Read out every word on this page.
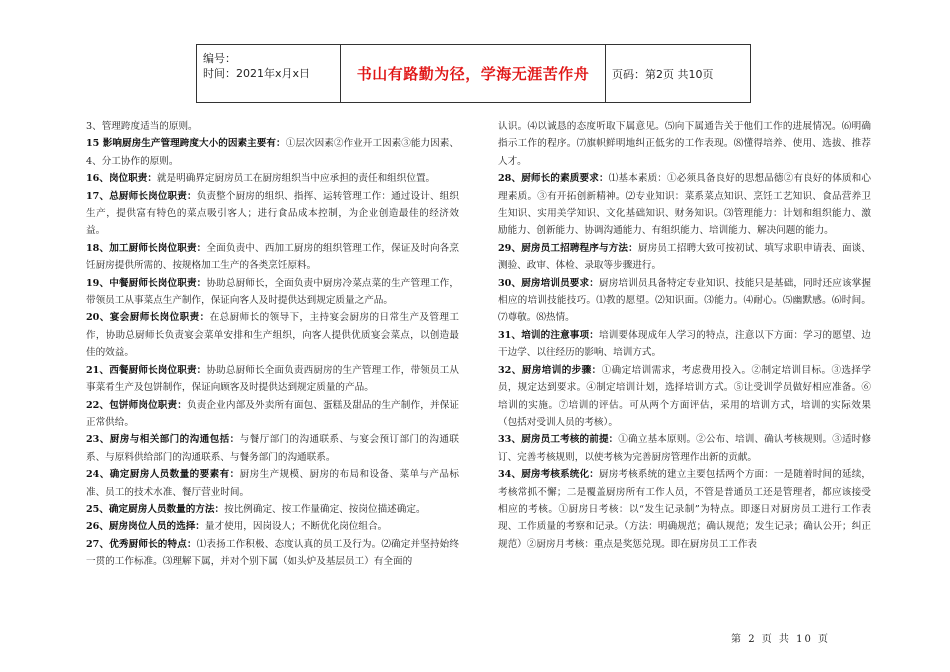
编号：
时间：2021年x月x日	书山有路勤为径，学海无涯苦作舟	页码：第2页 共10页

3、管理跨度适当的原则。

15 影响厨房生产管理跨度大小的因素主要有：①层次因素②作业开工因素③能力因素、4、分工协作的原则。

16、岗位职责：就是明确界定厨房员工在厨房组织当中应承担的责任和组织位置。

17、总厨师长岗位职责：负责整个厨房的组织、指挥、运转管理工作：通过设计、组织生产，提供富有特色的菜点吸引客人；进行食品成本控制，为企业创造最佳的经济效益。

18、加工厨师长岗位职责：全面负责中、西加工厨房的组织管理工作，保证及时向各烹饪厨房提供所需的、按规格加工生产的各类烹饪原料。

19、中餐厨师长岗位职责：协助总厨师长，全面负责中厨房冷菜点菜的生产管理工作，带领员工从事菜点生产制作，保证向客人及时提供达到规定质量之产品。

20、宴会厨师长岗位职责：在总厨师长的领导下，主持宴会厨房的日常生产及管理工作，协助总厨师长负责宴会菜单安排和生产组织，向客人提供优质宴会菜点，以创造最佳的效益。

21、西餐厨师长岗位职责：协助总厨师长全面负责西厨房的生产管理工作，带领员工从事菜肴生产及包饼制作，保证向顾客及时提供达到规定质量的产品。

22、包饼师岗位职责：负责企业内部及外卖所有面包、蛋糕及甜品的生产制作，并保证正常供给。

23、厨房与相关部门的沟通包括：与餐厅部门的沟通联系、与宴会预订部门的沟通联系、与原料供给部门的沟通联系、与餐务部门的沟通联系。

24、确定厨房人员数量的要素有：厨房生产规模、厨房的布局和设备、菜单与产品标准、员工的技术水准、餐厅营业时间。

25、确定厨房人员数量的方法：按比例确定、按工作量确定、按岗位描述确定。

26、厨房岗位人员的选择：量才使用，因岗设人；不断优化岗位组合。

27、优秀厨师长的特点：⑴表扬工作积极、态度认真的员工及行为。⑵确定并坚持始终一贯的工作标准。⑶理解下属，并对个别下属（如头炉及基层员工）有全面的

认识。⑷以诚恳的态度听取下属意见。⑸向下属通告关于他们工作的进展情况。⑹明确指示工作的程序。⑺旗帜鲜明地纠正低劣的工作表现。⑻懂得培养、使用、选拔、推荐人才。

28、厨师长的素质要求：⑴基本素质：①必须具备良好的思想品德②有良好的体质和心理素质。③有开拓创新精神。⑵专业知识：菜系菜点知识、烹饪工艺知识、食品营养卫生知识、实用美学知识、文化基础知识、财务知识。⑶管理能力：计划和组织能力、激励能力、创新能力、协调沟通能力、有组织能力、培训能力、解决问题的能力。

29、厨房员工招聘程序与方法：厨房员工招聘大致可按初试、填写求职申请表、面谈、测验、政审、体检、录取等步骤进行。

30、厨房培训员要求：厨房培训员具备特定专业知识、技能只是基础，同时还应该掌握相应的培训技能技巧。⑴教的愿望。⑵知识面。⑶能力。⑷耐心。⑸幽默感。⑹时间。⑺尊敬。⑻热情。

31、培训的注意事项：培训要体现成年人学习的特点，注意以下方面：学习的愿望、边干边学、以往经历的影响、培训方式。

32、厨房培训的步骤：①确定培训需求，考虑费用投入。②制定培训目标。③选择学员，规定达到要求。④制定培训计划，选择培训方式。⑤让受训学员做好相应准备。⑥培训的实施。⑦培训的评估。可从两个方面评估，采用的培训方式，培训的实际效果（包括对受训人员的考核）。

33、厨房员工考核的前提：①确立基本原则。②公布、培训、确认考核规则。③适时修订、完善考核规则，以使考核为完善厨房管理作出新的贡献。

34、厨房考核系统化：厨房考核系统的建立主要包括两个方面：一是随着时间的延续，考核常抓不懈；二是覆盖厨房所有工作人员，不管是普通员工还是管理者，都应该接受相应的考核。①厨房日考核：以“发生记录制”为特点。即逐日对厨房员工进行工作表现、工作质量的考察和记录。（方法：明确规范；确认规范；发生记录；确认公开；纠正规范）②厨房月考核：重点是奖惩兑现。即在厨房员工工作表

第 2 页 共 10 页
